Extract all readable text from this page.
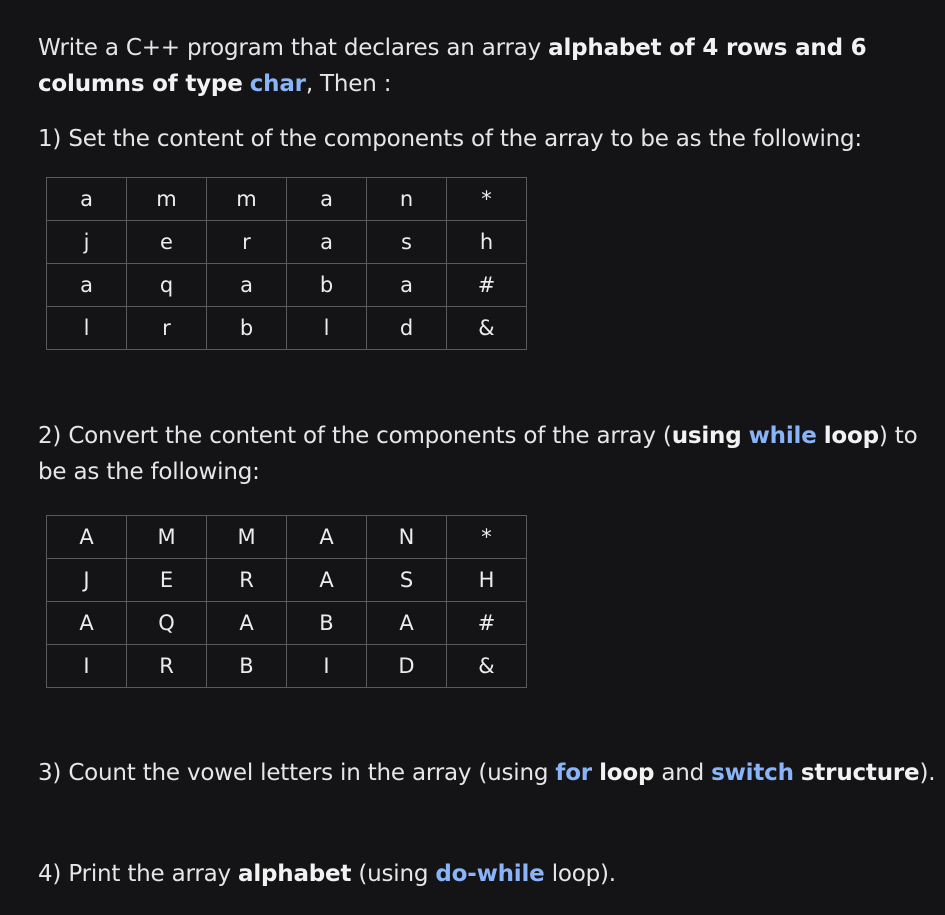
Write a C++ program that declares an array alphabet of 4 rows and 6 columns of type char, Then :

1) Set the content of the components of the array to be as the following:

a	m	m	a	n	*
j	e	r	a	s	h
a	q	a	b	a	#
l	r	b	l	d	&

2) Convert the content of the components of the array (using while loop) to be as the following:

A	M	M	A	N	*
J	E	R	A	S	H
A	Q	A	B	A	#
I	R	B	I	D	&

3) Count the vowel letters in the array (using for loop and switch structure).

4) Print the array alphabet (using do-while loop).
